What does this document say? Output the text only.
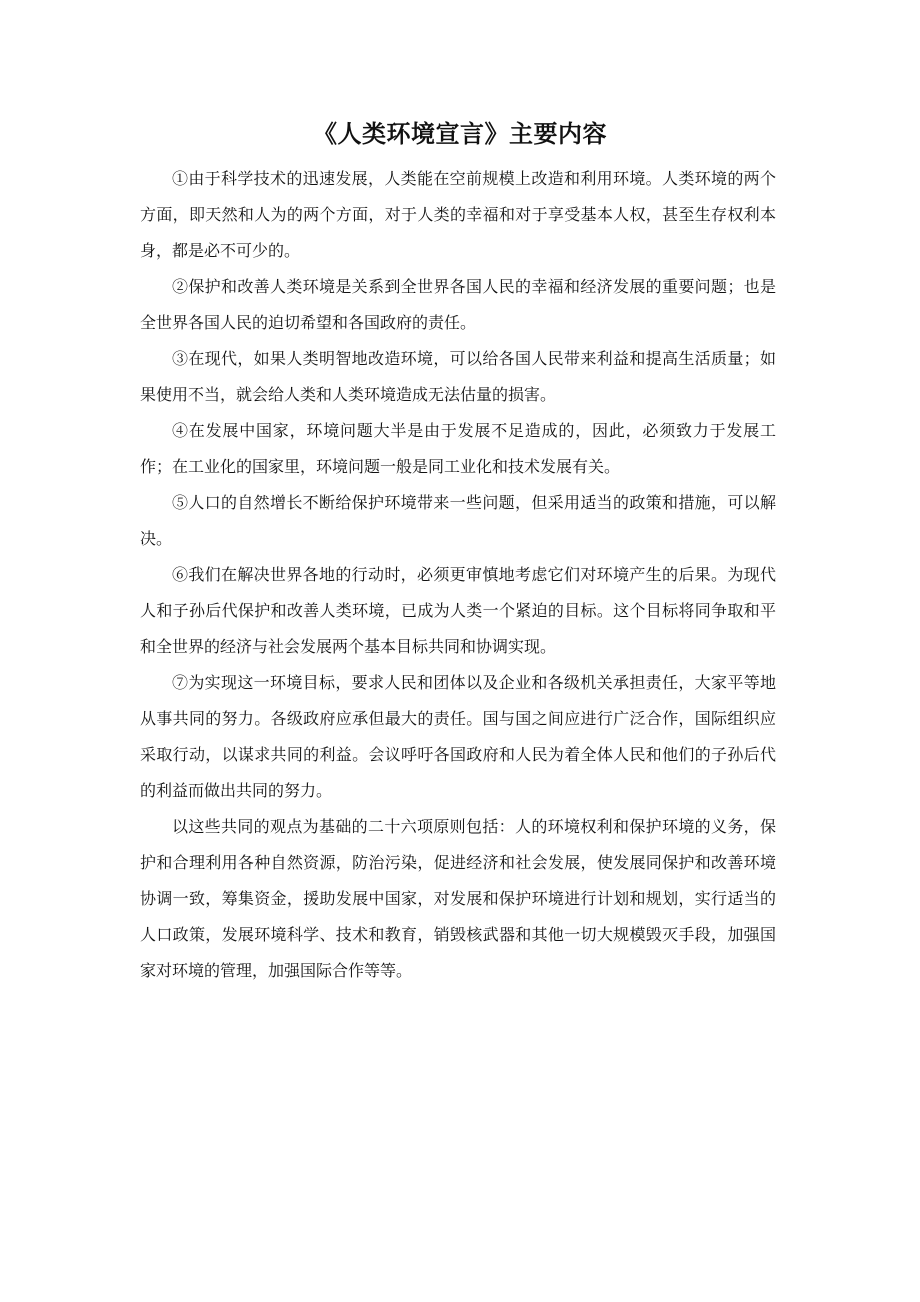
《人类环境宣言》主要内容

①由于科学技术的迅速发展，人类能在空前规模上改造和利用环境。人类环境的两个方面，即天然和人为的两个方面，对于人类的幸福和对于享受基本人权，甚至生存权利本身，都是必不可少的。

②保护和改善人类环境是关系到全世界各国人民的幸福和经济发展的重要问题；也是全世界各国人民的迫切希望和各国政府的责任。

③在现代，如果人类明智地改造环境，可以给各国人民带来利益和提高生活质量；如果使用不当，就会给人类和人类环境造成无法估量的损害。

④在发展中国家，环境问题大半是由于发展不足造成的，因此，必须致力于发展工作；在工业化的国家里，环境问题一般是同工业化和技术发展有关。

⑤人口的自然增长不断给保护环境带来一些问题，但采用适当的政策和措施，可以解决。

⑥我们在解决世界各地的行动时，必须更审慎地考虑它们对环境产生的后果。为现代人和子孙后代保护和改善人类环境，已成为人类一个紧迫的目标。这个目标将同争取和平和全世界的经济与社会发展两个基本目标共同和协调实现。

⑦为实现这一环境目标，要求人民和团体以及企业和各级机关承担责任，大家平等地从事共同的努力。各级政府应承但最大的责任。国与国之间应进行广泛合作，国际组织应采取行动，以谋求共同的利益。会议呼吁各国政府和人民为着全体人民和他们的子孙后代的利益而做出共同的努力。

以这些共同的观点为基础的二十六项原则包括：人的环境权利和保护环境的义务，保护和合理利用各种自然资源，防治污染，促进经济和社会发展，使发展同保护和改善环境协调一致，筹集资金，援助发展中国家，对发展和保护环境进行计划和规划，实行适当的人口政策，发展环境科学、技术和教育，销毁核武器和其他一切大规模毁灭手段，加强国家对环境的管理，加强国际合作等等。
